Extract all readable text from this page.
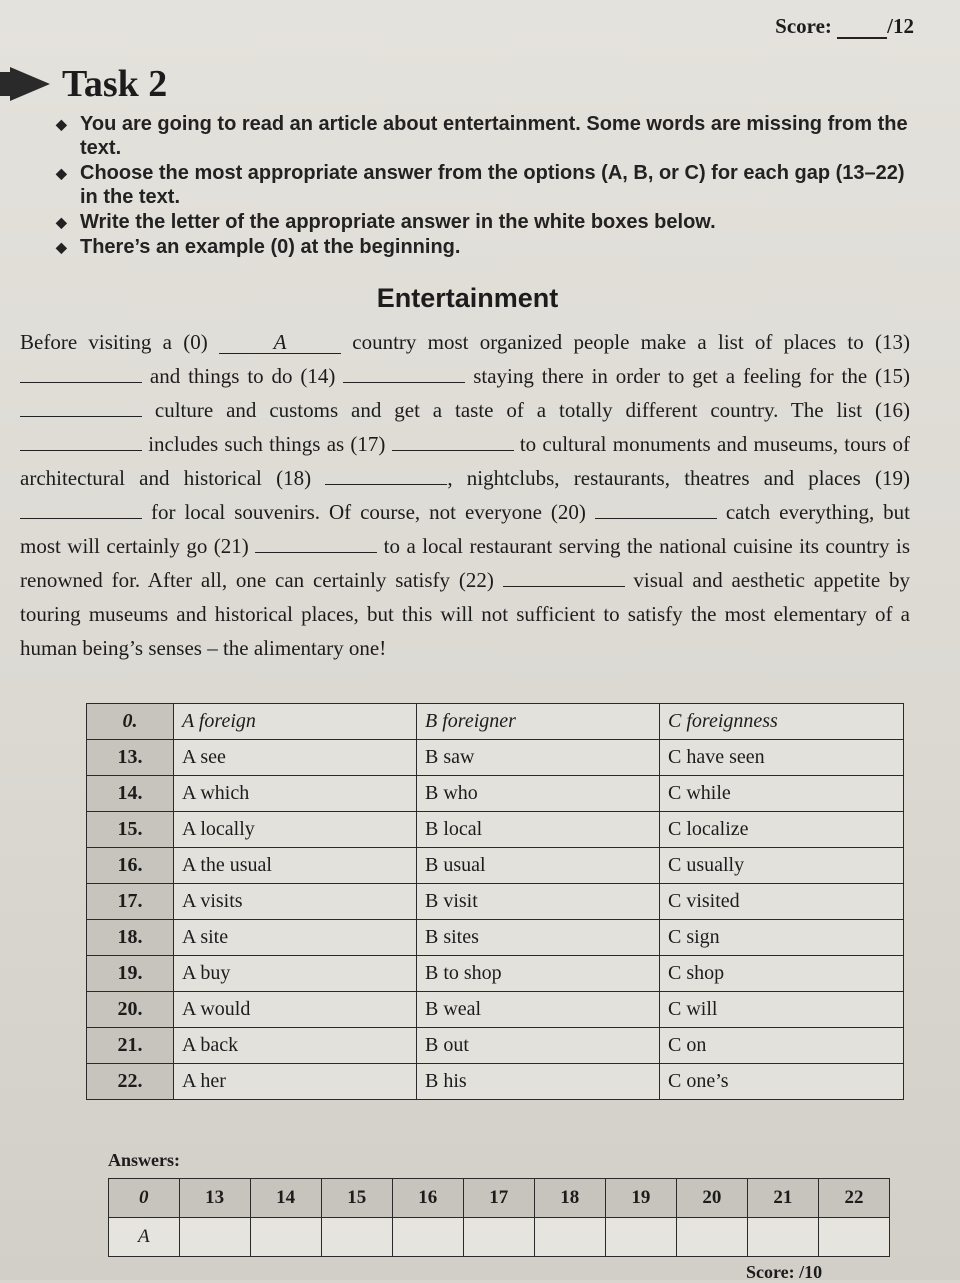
Score:	/12
Task 2
◆ You are going to read an article about entertainment. Some words are missing from the text.
◆ Choose the most appropriate answer from the options (A, B, or C) for each gap (13–22) in the text.
◆ Write the letter of the appropriate answer in the white boxes below.
◆ There’s an example (0) at the beginning.
Entertainment
Before visiting a (0)	A	country most organized people make a list of places to (13)  and things to do (14)	staying there in order to get a feeling for the (15)  culture and customs and get a taste of a totally different country. The list (16)  includes such things as (17)	to cultural monuments and museums, tours of architectural and historical (18)	, nightclubs, restaurants, theatres and places (19)  for local souvenirs. Of course, not everyone (20)	catch everything, but most will certainly go (21)	to a local restaurant serving the national cuisine its country is renowned for. After all, one can certainly satisfy (22)	visual and aesthetic appetite by touring museums and historical places, but this will not sufficient to satisfy the most elementary of a human being’s senses – the alimentary one!
0.	A foreign	B foreigner	C foreignness
13.	A see	B saw	C have seen
14.	A which	B who	C while
15.	A locally	B local	C localize
16.	A the usual	B usual	C usually
17.	A visits	B visit	C visited
18.	A site	B sites	C sign
19.	A buy	B to shop	C shop
20.	A would	B weal	C will
21.	A back	B out	C on
22.	A her	B his	C one’s
Answers:
0	13	14	15	16	17	18	19	20	21	22
A										
Score: /10
